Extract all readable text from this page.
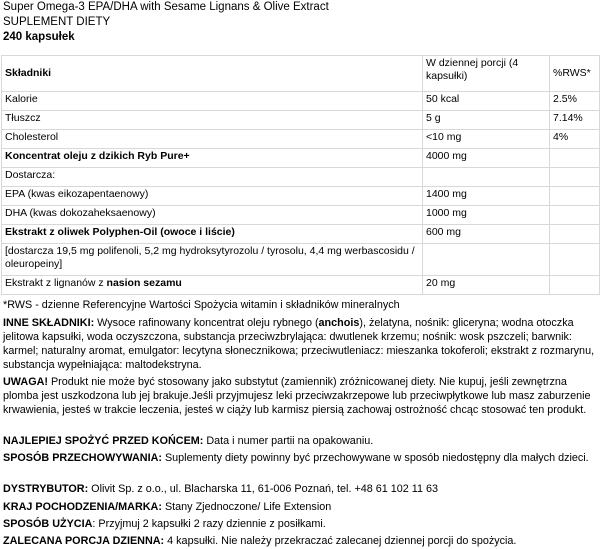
Super Omega-3 EPA/DHA with Sesame Lignans & Olive Extract
SUPLEMENT DIETY
240 kapsułek
Składniki	W dziennej porcji (4 kapsułki)	%RWS*
Kalorie	50 kcal	2.5%
Tłuszcz	5 g	7.14%
Cholesterol	<10 mg	4%
Koncentrat oleju z dzikich Ryb Pure+	4000 mg	
Dostarcza:		
EPA (kwas eikozapentaenowy)	1400 mg	
DHA (kwas dokozaheksaenowy)	1000 mg	
Ekstrakt z oliwek Polyphen-Oil (owoce i liście)	600 mg	
[dostarcza 19,5 mg polifenoli, 5,2 mg hydroksytyrozolu / tyrosolu, 4,4 mg werbascosidu / oleuropeiny]		
Ekstrakt z lignanów z nasion sezamu	20 mg	
*RWS - dzienne Referencyjne Wartości Spożycia witamin i składników mineralnych
INNE SKŁADNIKI: Wysoce rafinowany koncentrat oleju rybnego (anchois), żelatyna, nośnik: gliceryna; wodna otoczka jelitowa kapsułki, woda oczyszczona, substancja przeciwzbrylająca: dwutlenek krzemu; nośnik: wosk pszczeli; barwnik: karmel; naturalny aromat, emulgator: lecytyna słonecznikowa; przeciwutleniacz: mieszanka tokoferoli; ekstrakt z rozmarynu, substancja wypełniająca: maltodekstryna.
UWAGA! Produkt nie może być stosowany jako substytut (zamiennik) zróżnicowanej diety. Nie kupuj, jeśli zewnętrzna plomba jest uszkodzona lub jej brakuje.Jeśli przyjmujesz leki przeciwzakrzepowe lub przeciwpłytkowe lub masz zaburzenie krwawienia, jesteś w trakcie leczenia, jesteś w ciąży lub karmisz piersią zachowaj ostrożność chcąc stosować ten produkt.
NAJLEPIEJ SPOŻYĆ PRZED KOŃCEM: Data i numer partii na opakowaniu.
SPOSÓB PRZECHOWYWANIA: Suplementy diety powinny być przechowywane w sposób niedostępny dla małych dzieci.
DYSTRYBUTOR: Olivit Sp. z o.o., ul. Blacharska 11, 61-006 Poznań, tel. +48 61 102 11 63
KRAJ POCHODZENIA/MARKA: Stany Zjednoczone/ Life Extension
SPOSÓB UŻYCIA: Przyjmuj 2 kapsułki 2 razy dziennie z posiłkami.
ZALECANA PORCJA DZIENNA: 4 kapsułki. Nie należy przekraczać zalecanej dziennej porcji do spożycia.
